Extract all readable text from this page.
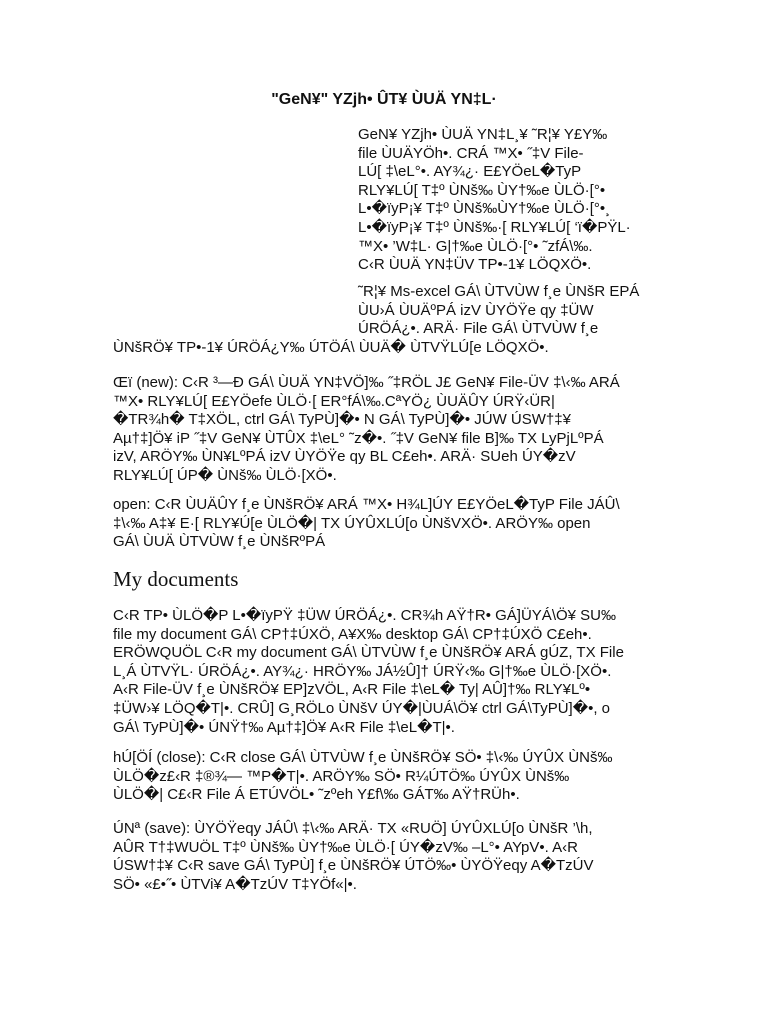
"GeN¥" YZjh• ÛT¥ ÙUÄ YN‡L·
GeN¥ YZjh• ÙUÄ YN‡L¸¥ ˜R¦¥ Y£Y‰
file ÙUÄYÖh•. CRÁ ™X• ˝‡V File-
LÚ[ ‡\eL°•. AY¾¿· E£YÖeL�TyP
RLY¥LÚ[ T‡º ÙNš‰ ÙY†‰e ÙLÖ·[°•
L•�ïyP¡¥ T‡º ÙNš‰ÙY†‰e ÙLÖ·[°•¸
L•�ïyP¡¥ T‡º ÙNš‰·[ RLY¥LÚ[ ‘ï�PŸL·
™X• ’W‡L· G|†‰e ÙLÖ·[°• ˜zfÁ\‰.
C‹R ÙUÄ YN‡ÜV TP•-1¥ LÖQXÖ•.
˜R¦¥ Ms-excel GÁ\ ÙTVÙW f¸e ÙNšR EPÁ
ÙU›Á ÙUÄºPÁ izV ÙYÖŸe qy ‡ÜW
ÚRÖÁ¿•. ARÄ· File GÁ\ ÙTVÙW f¸e
ÙNšRÖ¥ TP•-1¥ ÚRÖÁ¿Y‰ ÚTÖÁ\ ÙUÄ� ÙTVŸLÚ[e LÖQXÖ•.
Œï (new): C‹R ³—Ð GÁ\ ÙUÄ YN‡VÖ]‰ ˝‡RÖL J£ GeN¥ File-ÜV ‡\‹‰ ARÁ
™X• RLY¥LÚ[ E£YÖefe ÙLÖ·[ ER°fÁ\‰.CªYÖ¿ ÙUÄÛY ÚRŸ‹ÜR|
�TR¾h� T‡XÖL, ctrl GÁ\ TyPÙ]�• N GÁ\ TyPÙ]�• JÚW ÚSW†‡¥
Aµ†‡]Ö¥ iP ˝‡V GeN¥ ÙTÛX ‡\eL° ˜z�•. ˝‡V GeN¥ file B]‰ TX LyPjLºPÁ
izV, ARÖY‰ ÙN¥LºPÁ izV ÙYÖŸe qy BL C£eh•. ARÄ· SUeh ÚY�zV
RLY¥LÚ[ ÚP� ÙNš‰ ÙLÖ·[XÖ•.
open: C‹R ÙUÄÛY f¸e ÙNšRÖ¥ ARÁ ™X• H¾L]ÚY E£YÖeL�TyP File JÁÛ\
‡\‹‰ A‡¥ E·[ RLY¥Ú[e ÙLÖ�| TX ÚYÛXLÚ[o ÙNšVXÖ•. ARÖY‰ open
GÁ\ ÙUÄ ÙTVÙW f¸e ÙNšRºPÁ
My documents
C‹R TP• ÙLÖ�P L•�ïyPŸ ‡ÜW ÚRÖÁ¿•. CR¾h AŸ†R• GÁ]ÜYÁ\Ö¥ SU‰
file my document GÁ\ CP†‡ÚXÖ, A¥X‰ desktop GÁ\ CP†‡ÚXÖ C£eh•.
ERÖWQUÖL C‹R my document GÁ\ ÙTVÙW f¸e ÙNšRÖ¥ ARÁ gÚZ, TX File
L¸Á ÙTVŸL· ÚRÖÁ¿•. AY¾¿· HRÖY‰ JÁ½Û]† ÚRŸ‹‰ G|†‰e ÙLÖ·[XÖ•.
A‹R File-ÜV f¸e ÙNšRÖ¥ EP]zVÖL, A‹R File ‡\eL� Ty| AÛ]†‰ RLY¥Lº•
‡ÜW›¥ LÖQ�T|•. CRÛ] G¸RÖLo ÙNšV ÚY�|ÙUÁ\Ö¥ ctrl GÁ\TyPÙ]�•, o
GÁ\ TyPÙ]�• ÚNŸ†‰ Aµ†‡]Ö¥ A‹R File ‡\eL�T|•.
hÚ[ÖÍ (close): C‹R close GÁ\ ÙTVÙW f¸e ÙNšRÖ¥ SÖ• ‡\‹‰ ÚYÛX ÙNš‰
ÙLÖ�z£‹R ‡®¾— ™P�T|•. ARÖY‰ SÖ• R¼ÚTÖ‰ ÚYÛX ÙNš‰
ÙLÖ�| C£‹R File Á ETÚVÖL• ˜zºeh Y£f\‰ GÁT‰ AŸ†RÜh•.
ÚNª (save): ÙYÖŸeqy JÁÛ\ ‡\‹‰ ARÄ· TX «RUÖ] ÚYÛXLÚ[o ÙNšR ’\h,
AÛR T†‡WUÖL T‡º ÙNš‰ ÙY†‰e ÙLÖ·[ ÚY�zV‰ –L°• AYpV•. A‹R
ÚSW†‡¥ C‹R save GÁ\ TyPÙ] f¸e ÙNšRÖ¥ ÚTÖ‰• ÙYÖŸeqy A�TzÚV
SÖ• «£•˝• ÙTVi¥ A�TzÚV T‡YÖf«|•.
